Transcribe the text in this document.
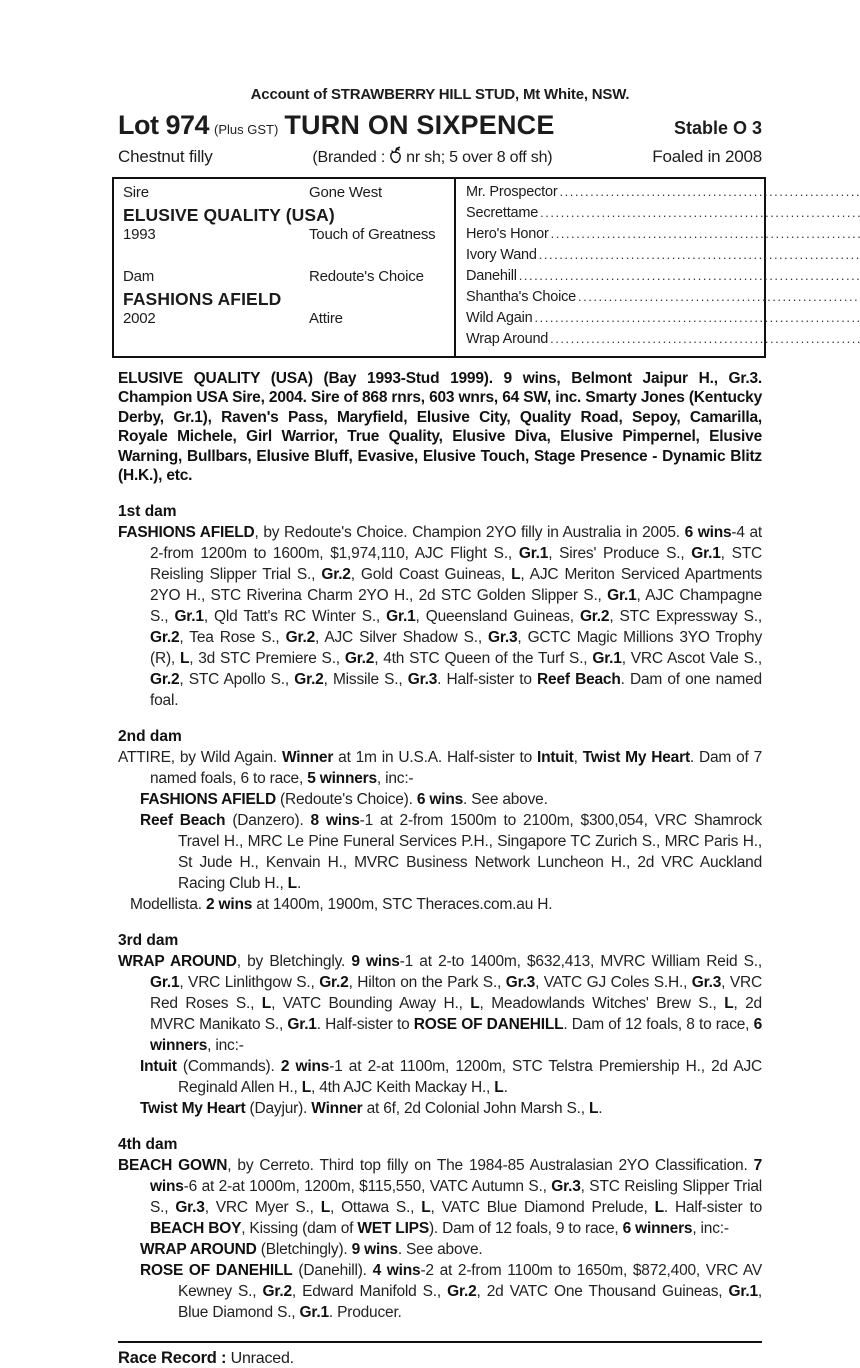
Account of STRAWBERRY HILL STUD, Mt White, NSW.
Lot 974 (Plus GST) TURN ON SIXPENCE	Stable O 3
Chestnut filly	(Branded : nr sh; 5 over 8 off sh)	Foaled in 2008
Sire	Gone West
ELUSIVE QUALITY (USA)
1993	Touch of Greatness
Dam	Redoute's Choice
FASHIONS AFIELD
2002	Attire
Mr. Prospector
.....
Secrettame
.....
Hero's Honor
.....
Ivory Wand
.....
Danehill
.....
Shantha's Choice
.....
Wild Again
.....
Wrap Around
.....

ELUSIVE QUALITY (USA) (Bay 1993-Stud 1999). 9 wins, Belmont Jaipur H., Gr.3. Champion USA Sire, 2004. Sire of 868 rnrs, 603 wnrs, 64 SW, inc. Smarty Jones (Kentucky Derby, Gr.1), Raven's Pass, Maryfield, Elusive City, Quality Road, Sepoy, Camarilla, Royale Michele, Girl Warrior, True Quality, Elusive Diva, Elusive Pimpernel, Elusive Warning, Bullbars, Elusive Bluff, Evasive, Elusive Touch, Stage Presence - Dynamic Blitz (H.K.), etc.

1st dam

FASHIONS AFIELD, by Redoute's Choice. Champion 2YO filly in Australia in 2005. 6 wins-4 at 2-from 1200m to 1600m, $1,974,110, AJC Flight S., Gr.1, Sires' Produce S., Gr.1, STC Reisling Slipper Trial S., Gr.2, Gold Coast Guineas, L, AJC Meriton Serviced Apartments 2YO H., STC Riverina Charm 2YO H., 2d STC Golden Slipper S., Gr.1, AJC Champagne S., Gr.1, Qld Tatt's RC Winter S., Gr.1, Queensland Guineas, Gr.2, STC Expressway S., Gr.2, Tea Rose S., Gr.2, AJC Silver Shadow S., Gr.3, GCTC Magic Millions 3YO Trophy (R), L, 3d STC Premiere S., Gr.2, 4th STC Queen of the Turf S., Gr.1, VRC Ascot Vale S., Gr.2, STC Apollo S., Gr.2, Missile S., Gr.3. Half-sister to Reef Beach. Dam of one named foal.

2nd dam

ATTIRE, by Wild Again. Winner at 1m in U.S.A. Half-sister to Intuit, Twist My Heart. Dam of 7 named foals, 6 to race, 5 winners, inc:-

FASHIONS AFIELD (Redoute's Choice). 6 wins. See above.

Reef Beach (Danzero). 8 wins-1 at 2-from 1500m to 2100m, $300,054, VRC Shamrock Travel H., MRC Le Pine Funeral Services P.H., Singapore TC Zurich S., MRC Paris H., St Jude H., Kenvain H., MVRC Business Network Luncheon H., 2d VRC Auckland Racing Club H., L.

Modellista. 2 wins at 1400m, 1900m, STC Theraces.com.au H.

3rd dam

WRAP AROUND, by Bletchingly. 9 wins-1 at 2-to 1400m, $632,413, MVRC William Reid S., Gr.1, VRC Linlithgow S., Gr.2, Hilton on the Park S., Gr.3, VATC GJ Coles S.H., Gr.3, VRC Red Roses S., L, VATC Bounding Away H., L, Meadowlands Witches' Brew S., L, 2d MVRC Manikato S., Gr.1. Half-sister to ROSE OF DANEHILL. Dam of 12 foals, 8 to race, 6 winners, inc:-

Intuit (Commands). 2 wins-1 at 2-at 1100m, 1200m, STC Telstra Premiership H., 2d AJC Reginald Allen H., L, 4th AJC Keith Mackay H., L.

Twist My Heart (Dayjur). Winner at 6f, 2d Colonial John Marsh S., L.

4th dam

BEACH GOWN, by Cerreto. Third top filly on The 1984-85 Australasian 2YO Classification. 7 wins-6 at 2-at 1000m, 1200m, $115,550, VATC Autumn S., Gr.3, STC Reisling Slipper Trial S., Gr.3, VRC Myer S., L, Ottawa S., L, VATC Blue Diamond Prelude, L. Half-sister to BEACH BOY, Kissing (dam of WET LIPS). Dam of 12 foals, 9 to race, 6 winners, inc:-

WRAP AROUND (Bletchingly). 9 wins. See above.

ROSE OF DANEHILL (Danehill). 4 wins-2 at 2-from 1100m to 1650m, $872,400, VRC AV Kewney S., Gr.2, Edward Manifold S., Gr.2, 2d VATC One Thousand Guineas, Gr.1, Blue Diamond S., Gr.1. Producer.

Race Record : Unraced.
